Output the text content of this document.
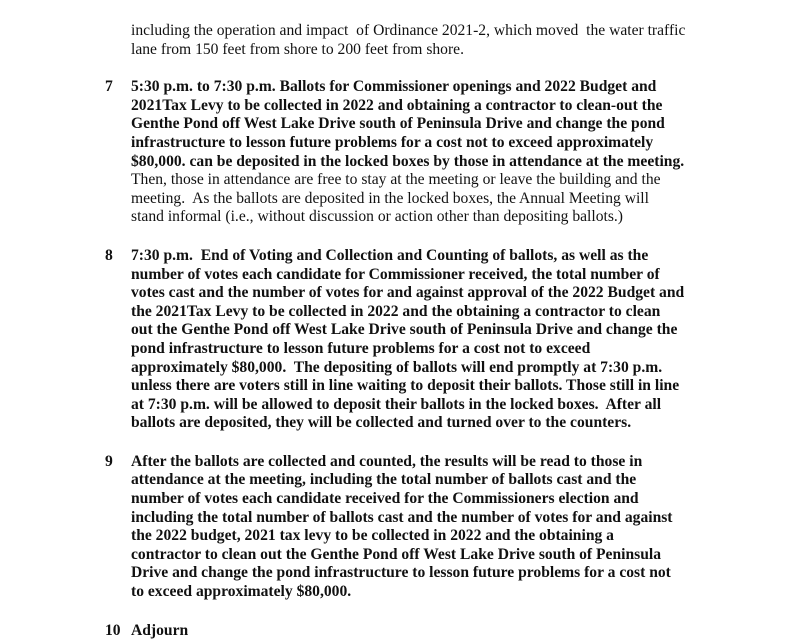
including the operation and impact  of Ordinance 2021-2, which moved  the water traffic
lane from 150 feet from shore to 200 feet from shore.
7	5:30 p.m. to 7:30 p.m. Ballots for Commissioner openings and 2022 Budget and
2021Tax Levy to be collected in 2022 and obtaining a contractor to clean-out the
Genthe Pond off West Lake Drive south of Peninsula Drive and change the pond
infrastructure to lesson future problems for a cost not to exceed approximately
$80,000. can be deposited in the locked boxes by those in attendance at the meeting.
Then, those in attendance are free to stay at the meeting or leave the building and the
meeting.  As the ballots are deposited in the locked boxes, the Annual Meeting will
stand informal (i.e., without discussion or action other than depositing ballots.)
8	7:30 p.m.  End of Voting and Collection and Counting of ballots, as well as the
number of votes each candidate for Commissioner received, the total number of
votes cast and the number of votes for and against approval of the 2022 Budget and
the 2021Tax Levy to be collected in 2022 and the obtaining a contractor to clean
out the Genthe Pond off West Lake Drive south of Peninsula Drive and change the
pond infrastructure to lesson future problems for a cost not to exceed
approximately $80,000.  The depositing of ballots will end promptly at 7:30 p.m.
unless there are voters still in line waiting to deposit their ballots. Those still in line
at 7:30 p.m. will be allowed to deposit their ballots in the locked boxes.  After all
ballots are deposited, they will be collected and turned over to the counters.
9	After the ballots are collected and counted, the results will be read to those in
attendance at the meeting, including the total number of ballots cast and the
number of votes each candidate received for the Commissioners election and
including the total number of ballots cast and the number of votes for and against
the 2022 budget, 2021 tax levy to be collected in 2022 and the obtaining a
contractor to clean out the Genthe Pond off West Lake Drive south of Peninsula
Drive and change the pond infrastructure to lesson future problems for a cost not
to exceed approximately $80,000.
10 Adjourn
